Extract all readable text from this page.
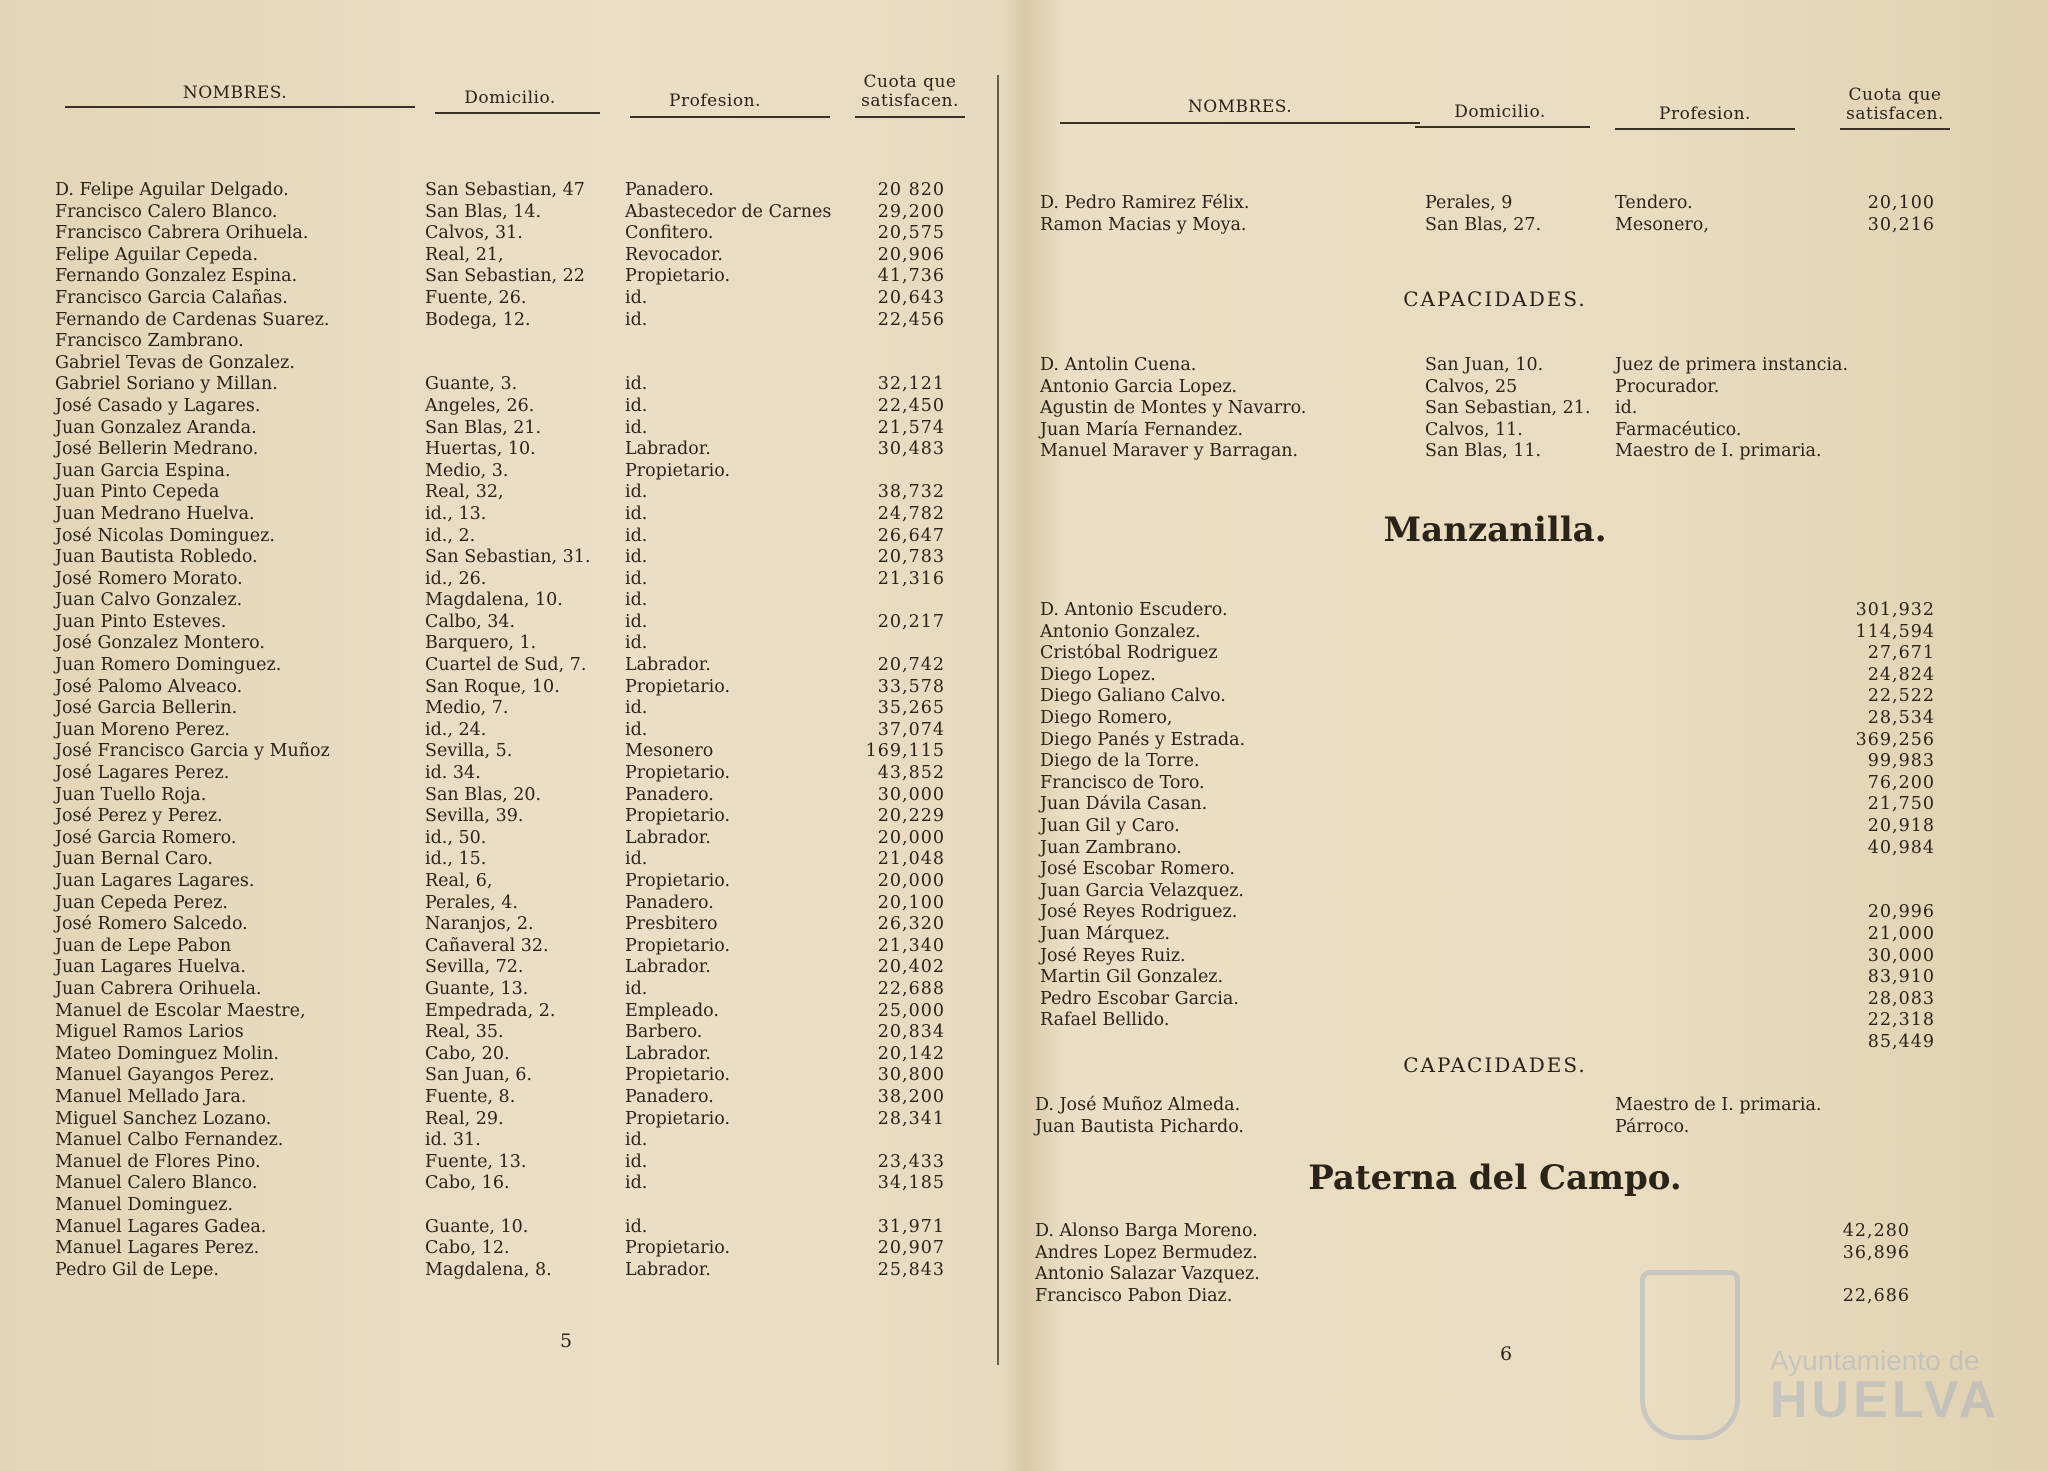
NOMBRES.	Domicilio.	Profesion.
Cuota que satisfacen.
D. Felipe Aguilar Delgado.	San Sebastian, 47 Panadero.	20 820
Francisco Calero Blanco.	San Blas, 14.	Abastecedor de Carnes	29,200
Francisco Cabrera Orihuela.	Calvos, 31.	Confitero.	20,575
Felipe Aguilar Cepeda.	Real, 21,	Revocador.	20,906
Fernando Gonzalez Espina.	San Sebastian, 22 Propietario.	41,736
Francisco Garcia Calañas.	Fuente, 26.	id.	20,643
Fernando de Cardenas Suarez.	Bodega, 12.	id.	22,456
Francisco Zambrano.
Gabriel Tevas de Gonzalez.
Gabriel Soriano y Millan.	Guante, 3.	id.	32,121
José Casado y Lagares.	Angeles, 26.	id.	22,450
Juan Gonzalez Aranda.	San Blas, 21.	id.	21,574
José Bellerin Medrano.	Huertas, 10.	Labrador.	30,483
Juan Garcia Espina.	Medio, 3.	Propietario.
Juan Pinto Cepeda	Real, 32,	id.	38,732
Juan Medrano Huelva.	id., 13.	id.	24,782
José Nicolas Dominguez.	id., 2.	id.	26,647
Juan Bautista Robledo.	San Sebastian, 31. id.	20,783
José Romero Morato.	id., 26.	id.	21,316
Juan Calvo Gonzalez.	Magdalena, 10.	id.
Juan Pinto Esteves.	Calbo, 34.	id.	20,217
José Gonzalez Montero.	Barquero, 1.	id.
Juan Romero Dominguez.	Cuartel de Sud, 7. Labrador.	20,742
José Palomo Alveaco.	San Roque, 10.	Propietario.	33,578
José Garcia Bellerin.	Medio, 7.	id.	35,265
Juan Moreno Perez.	id., 24.	id.	37,074
José Francisco Garcia y Muñoz	Sevilla, 5.	Mesonero	169,115
José Lagares Perez.	id. 34.	Propietario.	43,852
Juan Tuello Roja.	San Blas, 20.	Panadero.	30,000
José Perez y Perez.	Sevilla, 39.	Propietario.	20,229
José Garcia Romero.	id., 50.	Labrador.	20,000
Juan Bernal Caro.	id., 15.	id.	21,048
Juan Lagares Lagares.	Real, 6,	Propietario.	20,000
Juan Cepeda Perez.	Perales, 4.	Panadero.	20,100
José Romero Salcedo.	Naranjos, 2.	Presbitero	26,320
Juan de Lepe Pabon	Cañaveral 32.	Propietario.	21,340
Juan Lagares Huelva.	Sevilla, 72.	Labrador.	20,402
Juan Cabrera Orihuela.	Guante, 13.	id.	22,688
Manuel de Escolar Maestre,	Empedrada, 2.	Empleado.	25,000
Miguel Ramos Larios	Real, 35.	Barbero.	20,834
Mateo Dominguez Molin.	Cabo, 20.	Labrador.	20,142
Manuel Gayangos Perez.	San Juan, 6.	Propietario.	30,800
Manuel Mellado Jara.	Fuente, 8.	Panadero.	38,200
Miguel Sanchez Lozano.	Real, 29.	Propietario.	28,341
Manuel Calbo Fernandez.	id. 31.	id.
Manuel de Flores Pino.	Fuente, 13.	id.	23,433
Manuel Calero Blanco.	Cabo, 16.	id.	34,185
Manuel Dominguez.
Manuel Lagares Gadea.	Guante, 10.	id.	31,971
Manuel Lagares Perez.	Cabo, 12.	Propietario.	20,907
Pedro Gil de Lepe.	Magdalena, 8.	Labrador.	25,843
5
NOMBRES.	Domicilio.	Profesion.
Cuota que satisfacen.
D. Pedro Ramirez Félix.	Perales, 9	Tendero.	20,100
Ramon Macias y Moya.	San Blas, 27.	Mesonero,	30,216
CAPACIDADES.
D. Antolin Cuena.	San Juan, 10.	Juez de primera instancia.
Antonio Garcia Lopez.	Calvos, 25	Procurador.
Agustin de Montes y Navarro.	San Sebastian, 21. id.
Juan María Fernandez.	Calvos, 11.	Farmacéutico.
Manuel Maraver y Barragan.	San Blas, 11.	Maestro de I. primaria.
Manzanilla.
D. Antonio Escudero.	301,932
Antonio Gonzalez.	114,594
Cristóbal Rodriguez	27,671
Diego Lopez.	24,824
Diego Galiano Calvo.	22,522
Diego Romero,	28,534
Diego Panés y Estrada.	369,256
Diego de la Torre.	99,983
Francisco de Toro.	76,200
Juan Dávila Casan.	21,750
Juan Gil y Caro.	20,918
Juan Zambrano.	40,984
José Escobar Romero.
Juan Garcia Velazquez.
José Reyes Rodriguez.	20,996
Juan Márquez.	21,000
José Reyes Ruiz.	30,000
Martin Gil Gonzalez.	83,910
Pedro Escobar Garcia.	28,083
Rafael Bellido.	22,318
85,449
CAPACIDADES.
D. José Muñoz Almeda.	Maestro de I. primaria.
Juan Bautista Pichardo.	Párroco.
Paterna del Campo.
D. Alonso Barga Moreno.	42,280
Andres Lopez Bermudez.	36,896
Antonio Salazar Vazquez.
Francisco Pabon Diaz.	22,686
6	Ayuntamiento de
HUELVA
